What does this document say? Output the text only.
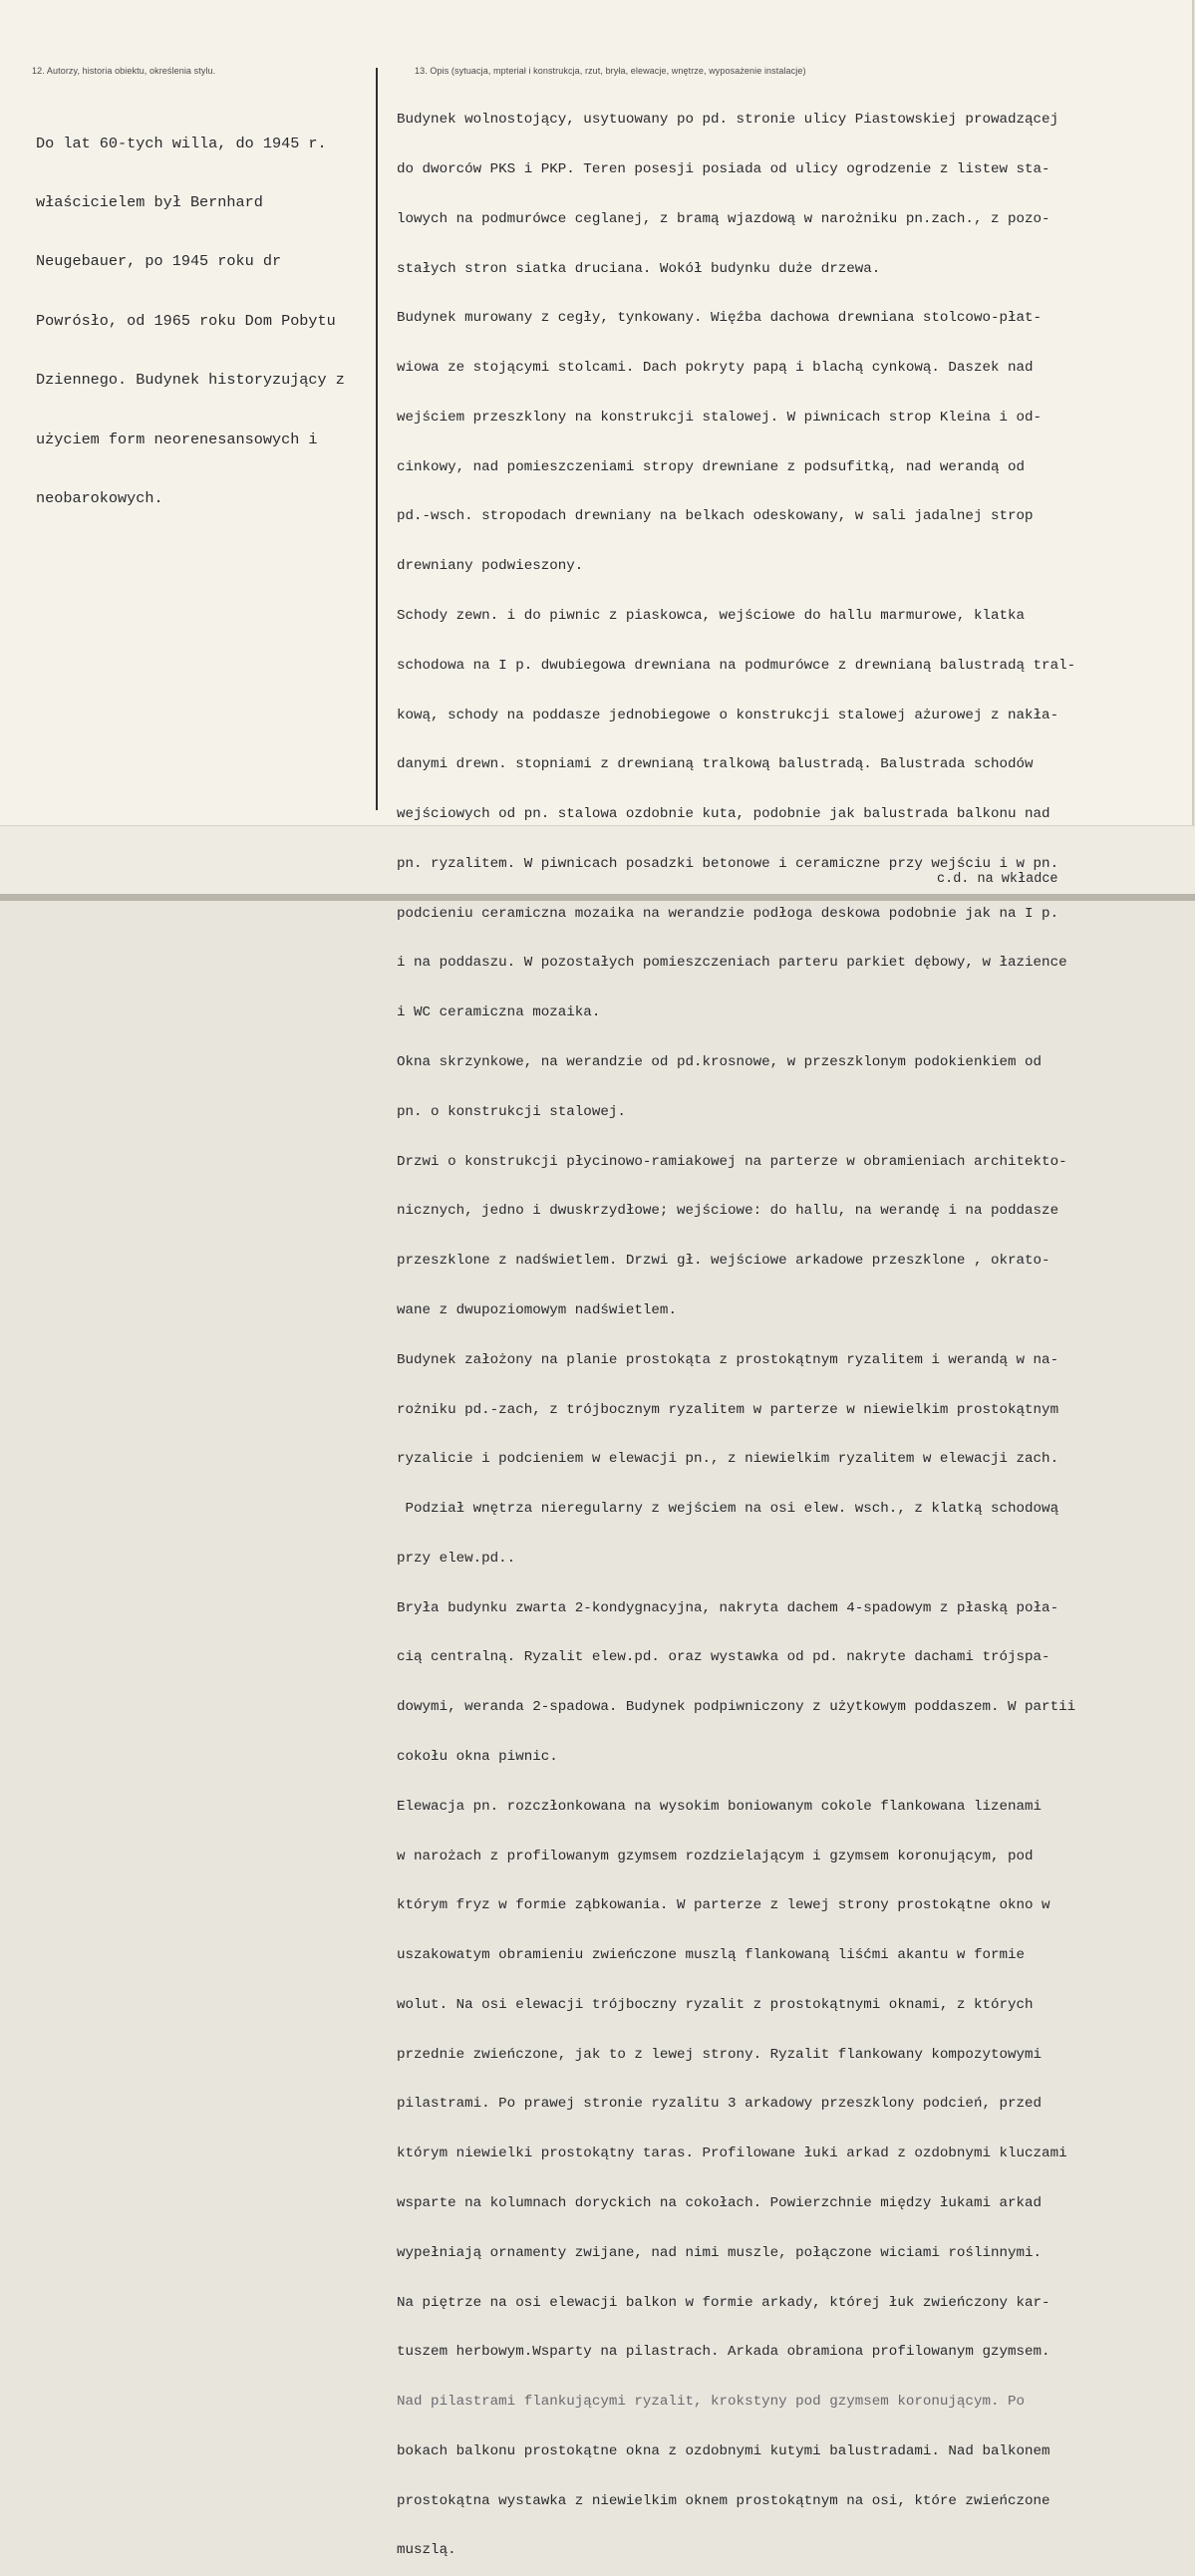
12. Autorzy, historia obiektu, określenia stylu.	13. Opis (sytuacja, mpteriał i konstrukcja, rzut, bryła, elewacje, wnętrze, wyposażenie instalacje)

Do lat 60-tych willa, do 1945 r.

właścicielem był Bernhard

Neugebauer, po 1945 roku dr

Powrósło, od 1965 roku Dom Pobytu

Dziennego. Budynek historyzujący z

użyciem form neorenesansowych i

neobarokowych.

Budynek wolnostojący, usytuowany po pd. stronie ulicy Piastowskiej prowadzącej

do dworców PKS i PKP. Teren posesji posiada od ulicy ogrodzenie z listew sta-

lowych na podmurówce ceglanej, z bramą wjazdową w narożniku pn.zach., z pozo-

stałych stron siatka druciana. Wokół budynku duże drzewa.

Budynek murowany z cegły, tynkowany. Więźba dachowa drewniana stolcowo-płat-

wiowa ze stojącymi stolcami. Dach pokryty papą i blachą cynkową. Daszek nad

wejściem przeszklony na konstrukcji stalowej. W piwnicach strop Kleina i od-

cinkowy, nad pomieszczeniami stropy drewniane z podsufitką, nad werandą od

pd.-wsch. stropodach drewniany na belkach odeskowany, w sali jadalnej strop

drewniany podwieszony.

Schody zewn. i do piwnic z piaskowca, wejściowe do hallu marmurowe, klatka

schodowa na I p. dwubiegowa drewniana na podmurówce z drewnianą balustradą tral-

kową, schody na poddasze jednobiegowe o konstrukcji stalowej ażurowej z nakła-

danymi drewn. stopniami z drewnianą tralkową balustradą. Balustrada schodów

wejściowych od pn. stalowa ozdobnie kuta, podobnie jak balustrada balkonu nad

pn. ryzalitem. W piwnicach posadzki betonowe i ceramiczne przy wejściu i w pn.

podcieniu ceramiczna mozaika na werandzie podłoga deskowa podobnie jak na I p.

i na poddaszu. W pozostałych pomieszczeniach parteru parkiet dębowy, w łazience

i WC ceramiczna mozaika.

Okna skrzynkowe, na werandzie od pd.krosnowe, w przeszklonym podokienkiem od

pn. o konstrukcji stalowej.

Drzwi o konstrukcji płycinowo-ramiakowej na parterze w obramieniach architekto-

nicznych, jedno i dwuskrzydłowe; wejściowe: do hallu, na werandę i na poddasze

przeszklone z nadświetlem. Drzwi gł. wejściowe arkadowe przeszklone , okrato-

wane z dwupoziomowym nadświetlem.

Budynek założony na planie prostokąta z prostokątnym ryzalitem i werandą w na-

rożniku pd.-zach, z trójbocznym ryzalitem w parterze w niewielkim prostokątnym

ryzalicie i podcieniem w elewacji pn., z niewielkim ryzalitem w elewacji zach.

Podział wnętrza nieregularny z wejściem na osi elew. wsch., z klatką schodową

przy elew.pd..

Bryła budynku zwarta 2-kondygnacyjna, nakryta dachem 4-spadowym z płaską poła-

cią centralną. Ryzalit elew.pd. oraz wystawka od pd. nakryte dachami trójspa-

dowymi, weranda 2-spadowa. Budynek podpiwniczony z użytkowym poddaszem. W partii

cokołu okna piwnic.

Elewacja pn. rozczłonkowana na wysokim boniowanym cokole flankowana lizenami

w narożach z profilowanym gzymsem rozdzielającym i gzymsem koronującym, pod

którym fryz w formie ząbkowania. W parterze z lewej strony prostokątne okno w

uszakowatym obramieniu zwieńczone muszlą flankowaną liśćmi akantu w formie

wolut. Na osi elewacji trójboczny ryzalit z prostokątnymi oknami, z których

przednie zwieńczone, jak to z lewej strony. Ryzalit flankowany kompozytowymi

pilastrami. Po prawej stronie ryzalitu 3 arkadowy przeszklony podcień, przed

którym niewielki prostokątny taras. Profilowane łuki arkad z ozdobnymi kluczami

wsparte na kolumnach doryckich na cokołach. Powierzchnie między łukami arkad

wypełniają ornamenty zwijane, nad nimi muszle, połączone wiciami roślinnymi.

Na piętrze na osi elewacji balkon w formie arkady, której łuk zwieńczony kar-

tuszem herbowym.Wsparty na pilastrach. Arkada obramiona profilowanym gzymsem.

Nad pilastrami flankującymi ryzalit, krokstyny pod gzymsem koronującym. Po

bokach balkonu prostokątne okna z ozdobnymi kutymi balustradami. Nad balkonem

prostokątna wystawka z niewielkim oknem prostokątnym na osi, które zwieńczone

muszlą.

c.d. na wkładce
